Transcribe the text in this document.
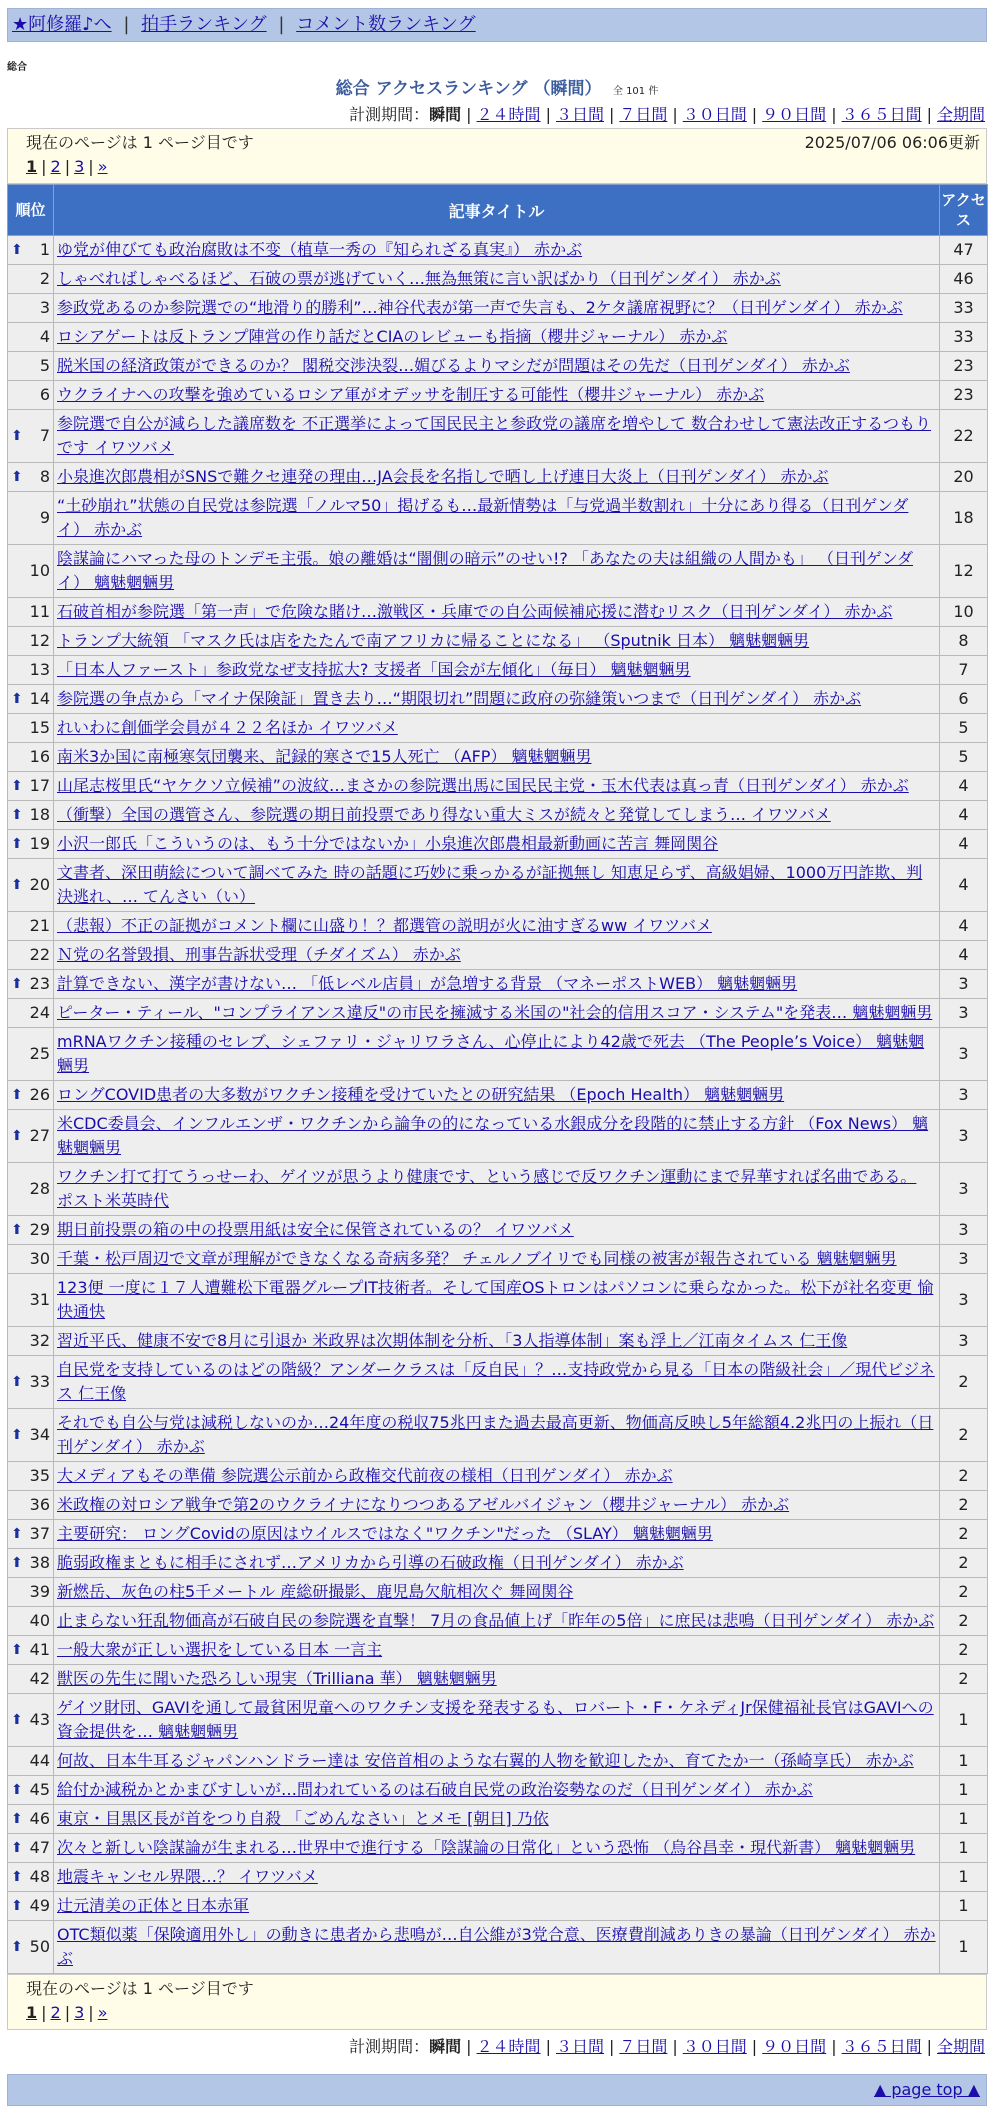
★阿修羅♪へ | 拍手ランキング | コメント数ランキング
総合
総合 アクセスランキング （瞬間） 全 101 件
計測期間：瞬間 | ２４時間 | ３日間 | ７日間 | ３０日間 | ９０日間 | ３６５日間 | 全期間
現在のページは 1 ページ目です	2025/07/06 06:06更新
1 | 2 | 3 | »
順位	記事タイトル	アクセス

⬆ 1	ゆ党が伸びても政治腐敗は不变（植草一秀の『知られざる真実』） 赤かぶ	47
2	しゃべればしゃべるほど、石破の票が逃げていく…無為無策に言い訳ばかり（日刊ゲンダイ） 赤かぶ	46
3	参政党あるのか参院選での“地滑り的勝利”…神谷代表が第一声で失言も、2ケタ議席視野に？（日刊ゲンダイ） 赤かぶ	33
4	ロシアゲートは反トランプ陣営の作り話だとCIAのレビューも指摘（櫻井ジャーナル） 赤かぶ	33
5	脱米国の経済政策ができるのか？ 閣税交渉決裂…媚びるよりマシだが問題はその先だ（日刊ゲンダイ） 赤かぶ	23
6	ウクライナへの攻撃を強めているロシア軍がオデッサを制圧する可能性（櫻井ジャーナル） 赤かぶ	23

⬆ 7	参院選で自公が減らした議席数を 不正選挙によって国民民主と参政党の議席を増やして 数合わせして憲法改正するつもりです イワツバメ	22

⬆ 8	小泉進次郎農相がSNSで難クセ連発の理由…JA会長を名指しで晒し上げ連日大炎上（日刊ゲンダイ） 赤かぶ	20
9	“土砂崩れ”状態の自民党は参院選「ノルマ50」掲げるも…最新情勢は「与党過半数割れ」十分にあり得る（日刊ゲンダイ） 赤かぶ	18
10	陰謀論にハマった母のトンデモ主張。娘の離婚は“闇側の暗示”のせい!? 「あなたの夫は組織の人間かも」 （日刊ゲンダイ） 魑魅魍魎男	12
11	石破首相が参院選「第一声」で危険な賭け…激戦区・兵庫での自公両候補応援に潜むリスク（日刊ゲンダイ） 赤かぶ	10
12	トランプ大統領 「マスク氏は店をたたんで南アフリカに帰ることになる」 （Sputnik 日本） 魑魅魍魎男	8
13	「日本人ファースト」参政党なぜ支持拡大? 支援者「国会が左傾化」（毎日） 魑魅魍魎男	7

⬆ 14	参院選の争点から「マイナ保険証」置き去り…“期限切れ”問題に政府の弥縫策いつまで（日刊ゲンダイ） 赤かぶ	6
15	れいわに創価学会員が４２２名ほか イワツバメ	5
16	南米3か国に南極寒気団襲来、記録的寒さで15人死亡 （AFP） 魑魅魍魎男	5

⬆ 17	山尾志桜里氏“ヤケクソ立候補”の波紋…まさかの参院選出馬に国民民主党・玉木代表は真っ青（日刊ゲンダイ） 赤かぶ	4

⬆ 18	（衝撃）全国の選管さん、参院選の期日前投票であり得ない重大ミスが続々と発覚してしまう… イワツバメ	4

⬆ 19	小沢一郎氏「こういうのは、もう十分ではないか」小泉進次郎農相最新動画に苦言 舞岡関谷	4

⬆ 20	文書者、深田萌絵について調べてみた 時の話題に巧妙に乗っかるが証拠無し 知恵足らず、高級娼婦、1000万円詐欺、判決逃れ、… てんさい（い）	4
21	（悲報）不正の証拠がコメント欄に山盛り！？都選管の説明が火に油すぎるww イワツバメ	4
22	Ｎ党の名誉毀損、刑事告訴状受理（チダイズム） 赤かぶ	4

⬆ 23	計算できない、漢字が書けない… 「低レベル店員」が急増する背景 （マネーポストWEB） 魑魅魍魎男	3
24	ピーター・ティール、"コンプライアンス違反"の市民を擁滅する米国の"社会的信用スコア・システム"を発表… 魑魅魍魎男	3
25	mRNAワクチン接種のセレブ、シェファリ・ジャリワラさん、心停止により42歳で死去 （The People’s Voice） 魑魅魍魎男	3

⬆ 26	ロングCOVID患者の大多数がワクチン接種を受けていたとの研究結果 （Epoch Health） 魑魅魍魎男	3

⬆ 27	米CDC委員会、インフルエンザ・ワクチンから論争の的になっている水銀成分を段階的に禁止する方針 （Fox News） 魑魅魍魎男	3
28	ワクチン打て打てうっせーわ、ゲイツが思うより健康です、という感じで反ワクチン運動にまで昇華すれば名曲である。 ポスト米英時代	3

⬆ 29	期日前投票の箱の中の投票用紙は安全に保管されているの？ イワツバメ	3
30	千葉・松戸周辺で文章が理解ができなくなる奇病多発？ チェルノブイリでも同様の被害が報告されている 魑魅魍魎男	3
31	123便 一度に１７人遭難松下電器グループIT技術者。そして国産OSトロンはパソコンに乗らなかった。松下が社名変更 愉快通快	3
32	習近平氏、健康不安で8月に引退か 米政界は次期体制を分析、「3人指導体制」案も浮上／江南タイムス 仁王像	3

⬆ 33	自民党を支持しているのはどの階級？アンダークラスは「反自民」？…支持政党から見る「日本の階級社会」／現代ビジネス 仁王像	2

⬆ 34	それでも自公与党は減税しないのか…24年度の税収75兆円また過去最高更新、物価高反映し5年総額4.2兆円の上振れ（日刊ゲンダイ） 赤かぶ	2
35	大メディアもその準備 参院選公示前から政権交代前夜の様相（日刊ゲンダイ） 赤かぶ	2
36	米政権の対ロシア戦争で第2のウクライナになりつつあるアゼルバイジャン（櫻井ジャーナル） 赤かぶ	2

⬆ 37	主要研究： ロングCovidの原因はウイルスではなく"ワクチン"だった （SLAY） 魑魅魍魎男	2

⬆ 38	脆弱政権まともに相手にされず…アメリカから引導の石破政権（日刊ゲンダイ） 赤かぶ	2
39	新燃岳、灰色の柱5千メートル 産総研撮影、鹿児島欠航相次ぐ 舞岡関谷	2
40	止まらない狂乱物価高が石破自民の参院選を直撃！ 7月の食品値上げ「昨年の5倍」に庶民は悲鳴（日刊ゲンダイ） 赤かぶ	2

⬆ 41	一般大衆が正しい選択をしている日本 一言主	2
42	獣医の先生に聞いた恐ろしい現実（Trilliana 華） 魑魅魍魎男	2

⬆ 43	ゲイツ財団、GAVIを通して最貧困児童へのワクチン支援を発表するも、ロバート・F・ケネディJr保健福祉長官はGAVIへの資金提供を… 魑魅魍魎男	1
44	何故、日本牛耳るジャパンハンドラー達は 安倍首相のような右翼的人物を歓迎したか、育てたか一（孫崎享氏） 赤かぶ	1

⬆ 45	給付か減税かとかまびすしいが…問われているのは石破自民党の政治姿勢なのだ（日刊ゲンダイ） 赤かぶ	1

⬆ 46	東京・目黒区長が首をつり自殺 「ごめんなさい」とメモ [朝日] 乃依	1

⬆ 47	次々と新しい陰謀論が生まれる…世界中で進行する「陰謀論の日常化」という恐怖 （烏谷昌幸・現代新書） 魑魅魍魎男	1

⬆ 48	地震キャンセル界隈…？ イワツバメ	1

⬆ 49	辻元清美の正体と日本赤軍	1

⬆ 50	OTC類似薬「保険適用外し」の動きに患者から悲鳴が…自公維が3党合意、医療費削減ありきの暴論（日刊ゲンダイ） 赤かぶ	1
現在のページは 1 ページ目です
1 | 2 | 3 | »
計測期間：瞬間 | ２４時間 | ３日間 | ７日間 | ３０日間 | ９０日間 | ３６５日間 | 全期間
▲ page top ▲
